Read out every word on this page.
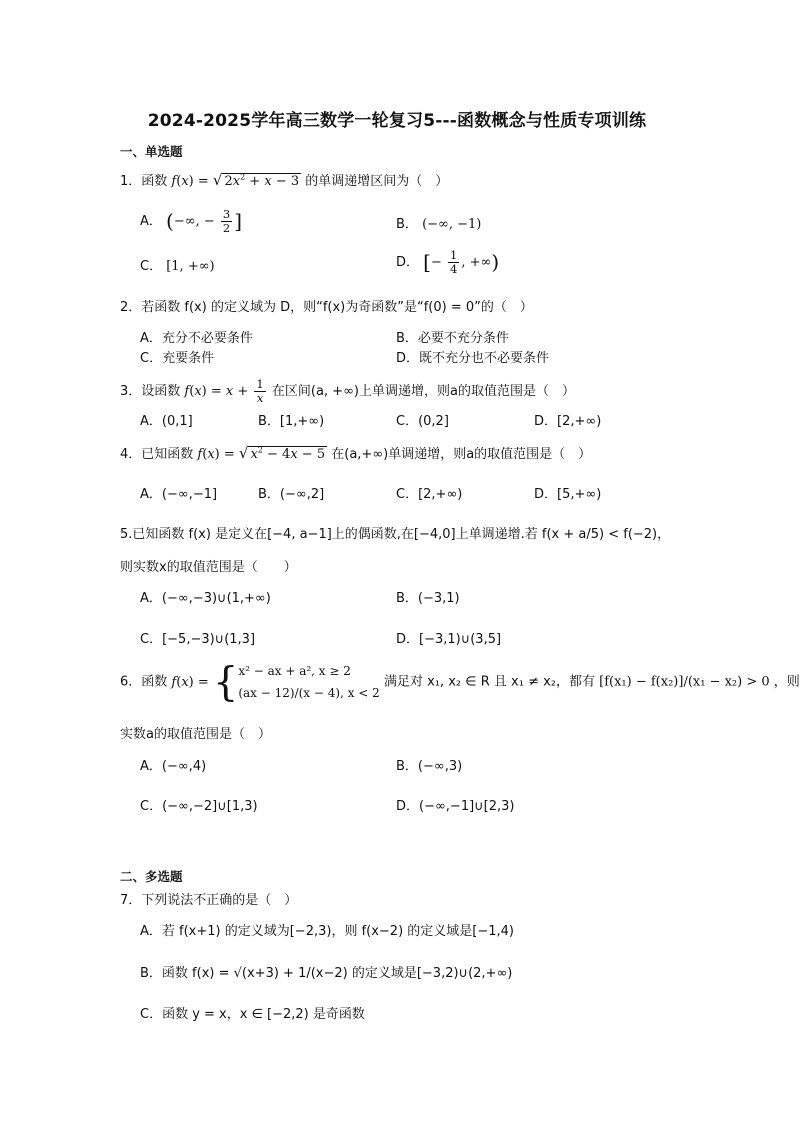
2024-2025学年高三数学一轮复习5---函数概念与性质专项训练
一、单选题
1．函数 f(x) = √ $2x^2 + x - 3$ 的单调递增区间为（　）
A． (−∞, − $\frac{3}{2}$ ]	B． (−∞, −1)
C． [1, +∞)	D． [− $\frac{1}{4}$ , +∞)
2．若函数 f(x) 的定义域为 D，则“f(x)为奇函数”是“f(0) = 0”的（　）
A．充分不必要条件	B．必要不充分条件
C．充要条件	D．既不充分也不必要条件
3．设函数 $f(x) = x + \frac{1}{x}$ 在区间(a, +∞)上单调递增，则a的取值范围是（　）
A．(0,1]	B．[1,+∞)	C．(0,2]	D．[2,+∞)
4．已知函数 f(x) = √ $x^2 - 4x - 5$ 在(a,+∞)单调递增，则a的取值范围是（　）
A．(−∞,−1]	B．(−∞,2]	C．[2,+∞)	D．[5,+∞)
5.已知函数 f(x) 是定义在[−4, a−1]上的偶函数,在[−4,0]上单调递增.若 f(x + a/5) < f(−2)，
则实数x的取值范围是（　　）
A．(−∞,−3)∪(1,+∞)	B．(−3,1)
C．[−5,−3)∪(1,3]	D．[−3,1)∪(3,5]
6．函数 f(x) = { x² − ax + a², x ≥ 2
(ax − 12)/(x − 4), x < 2
满足对 x₁, x₂ ∈ R 且 x₁ ≠ x₂，都有 [f(x₁) − f(x₂)]/(x₁ − x₂) > 0 ，则
实数a的取值范围是（　）
A．(−∞,4)	B．(−∞,3)
C．(−∞,−2]∪[1,3)	D．(−∞,−1]∪[2,3)
二、多选题
7．下列说法不正确的是（　）
A．若 f(x+1) 的定义域为[−2,3)，则 f(x−2) 的定义域是[−1,4)
B．函数 f(x) = √(x+3) + 1/(x−2) 的定义域是[−3,2)∪(2,+∞)
C．函数 y = x，x ∈ [−2,2) 是奇函数
